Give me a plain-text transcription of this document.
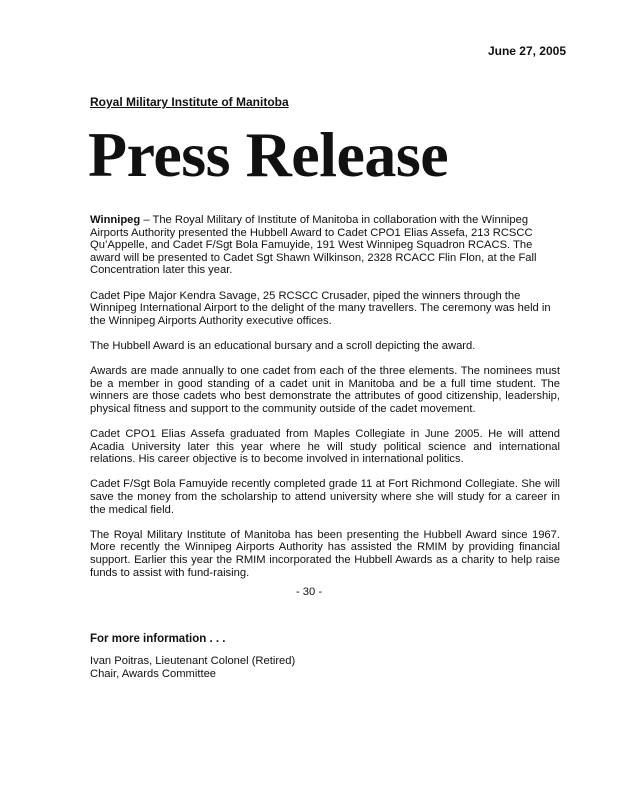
June 27, 2005
Royal Military Institute of Manitoba
Press Release

Winnipeg – The Royal Military of Institute of Manitoba in collaboration with the Winnipeg Airports Authority presented the Hubbell Award to Cadet CPO1 Elias Assefa, 213 RCSCC Qu’Appelle, and Cadet F/Sgt Bola Famuyide, 191 West Winnipeg Squadron RCACS. The award will be presented to Cadet Sgt Shawn Wilkinson, 2328 RCACC Flin Flon, at the Fall Concentration later this year.

Cadet Pipe Major Kendra Savage, 25 RCSCC Crusader, piped the winners through the Winnipeg International Airport to the delight of the many travellers. The ceremony was held in the Winnipeg Airports Authority executive offices.

The Hubbell Award is an educational bursary and a scroll depicting the award.

Awards are made annually to one cadet from each of the three elements. The nominees must be a member in good standing of a cadet unit in Manitoba and be a full time student. The winners are those cadets who best demonstrate the attributes of good citizenship, leadership, physical fitness and support to the community outside of the cadet movement.

Cadet CPO1 Elias Assefa graduated from Maples Collegiate in June 2005. He will attend Acadia University later this year where he will study political science and international relations. His career objective is to become involved in international politics.

Cadet F/Sgt Bola Famuyide recently completed grade 11 at Fort Richmond Collegiate. She will save the money from the scholarship to attend university where she will study for a career in the medical field.

The Royal Military Institute of Manitoba has been presenting the Hubbell Award since 1967. More recently the Winnipeg Airports Authority has assisted the RMIM by providing financial support. Earlier this year the RMIM incorporated the Hubbell Awards as a charity to help raise funds to assist with fund-raising.

- 30 -
For more information . . .
Ivan Poitras, Lieutenant Colonel (Retired)
Chair, Awards Committee
